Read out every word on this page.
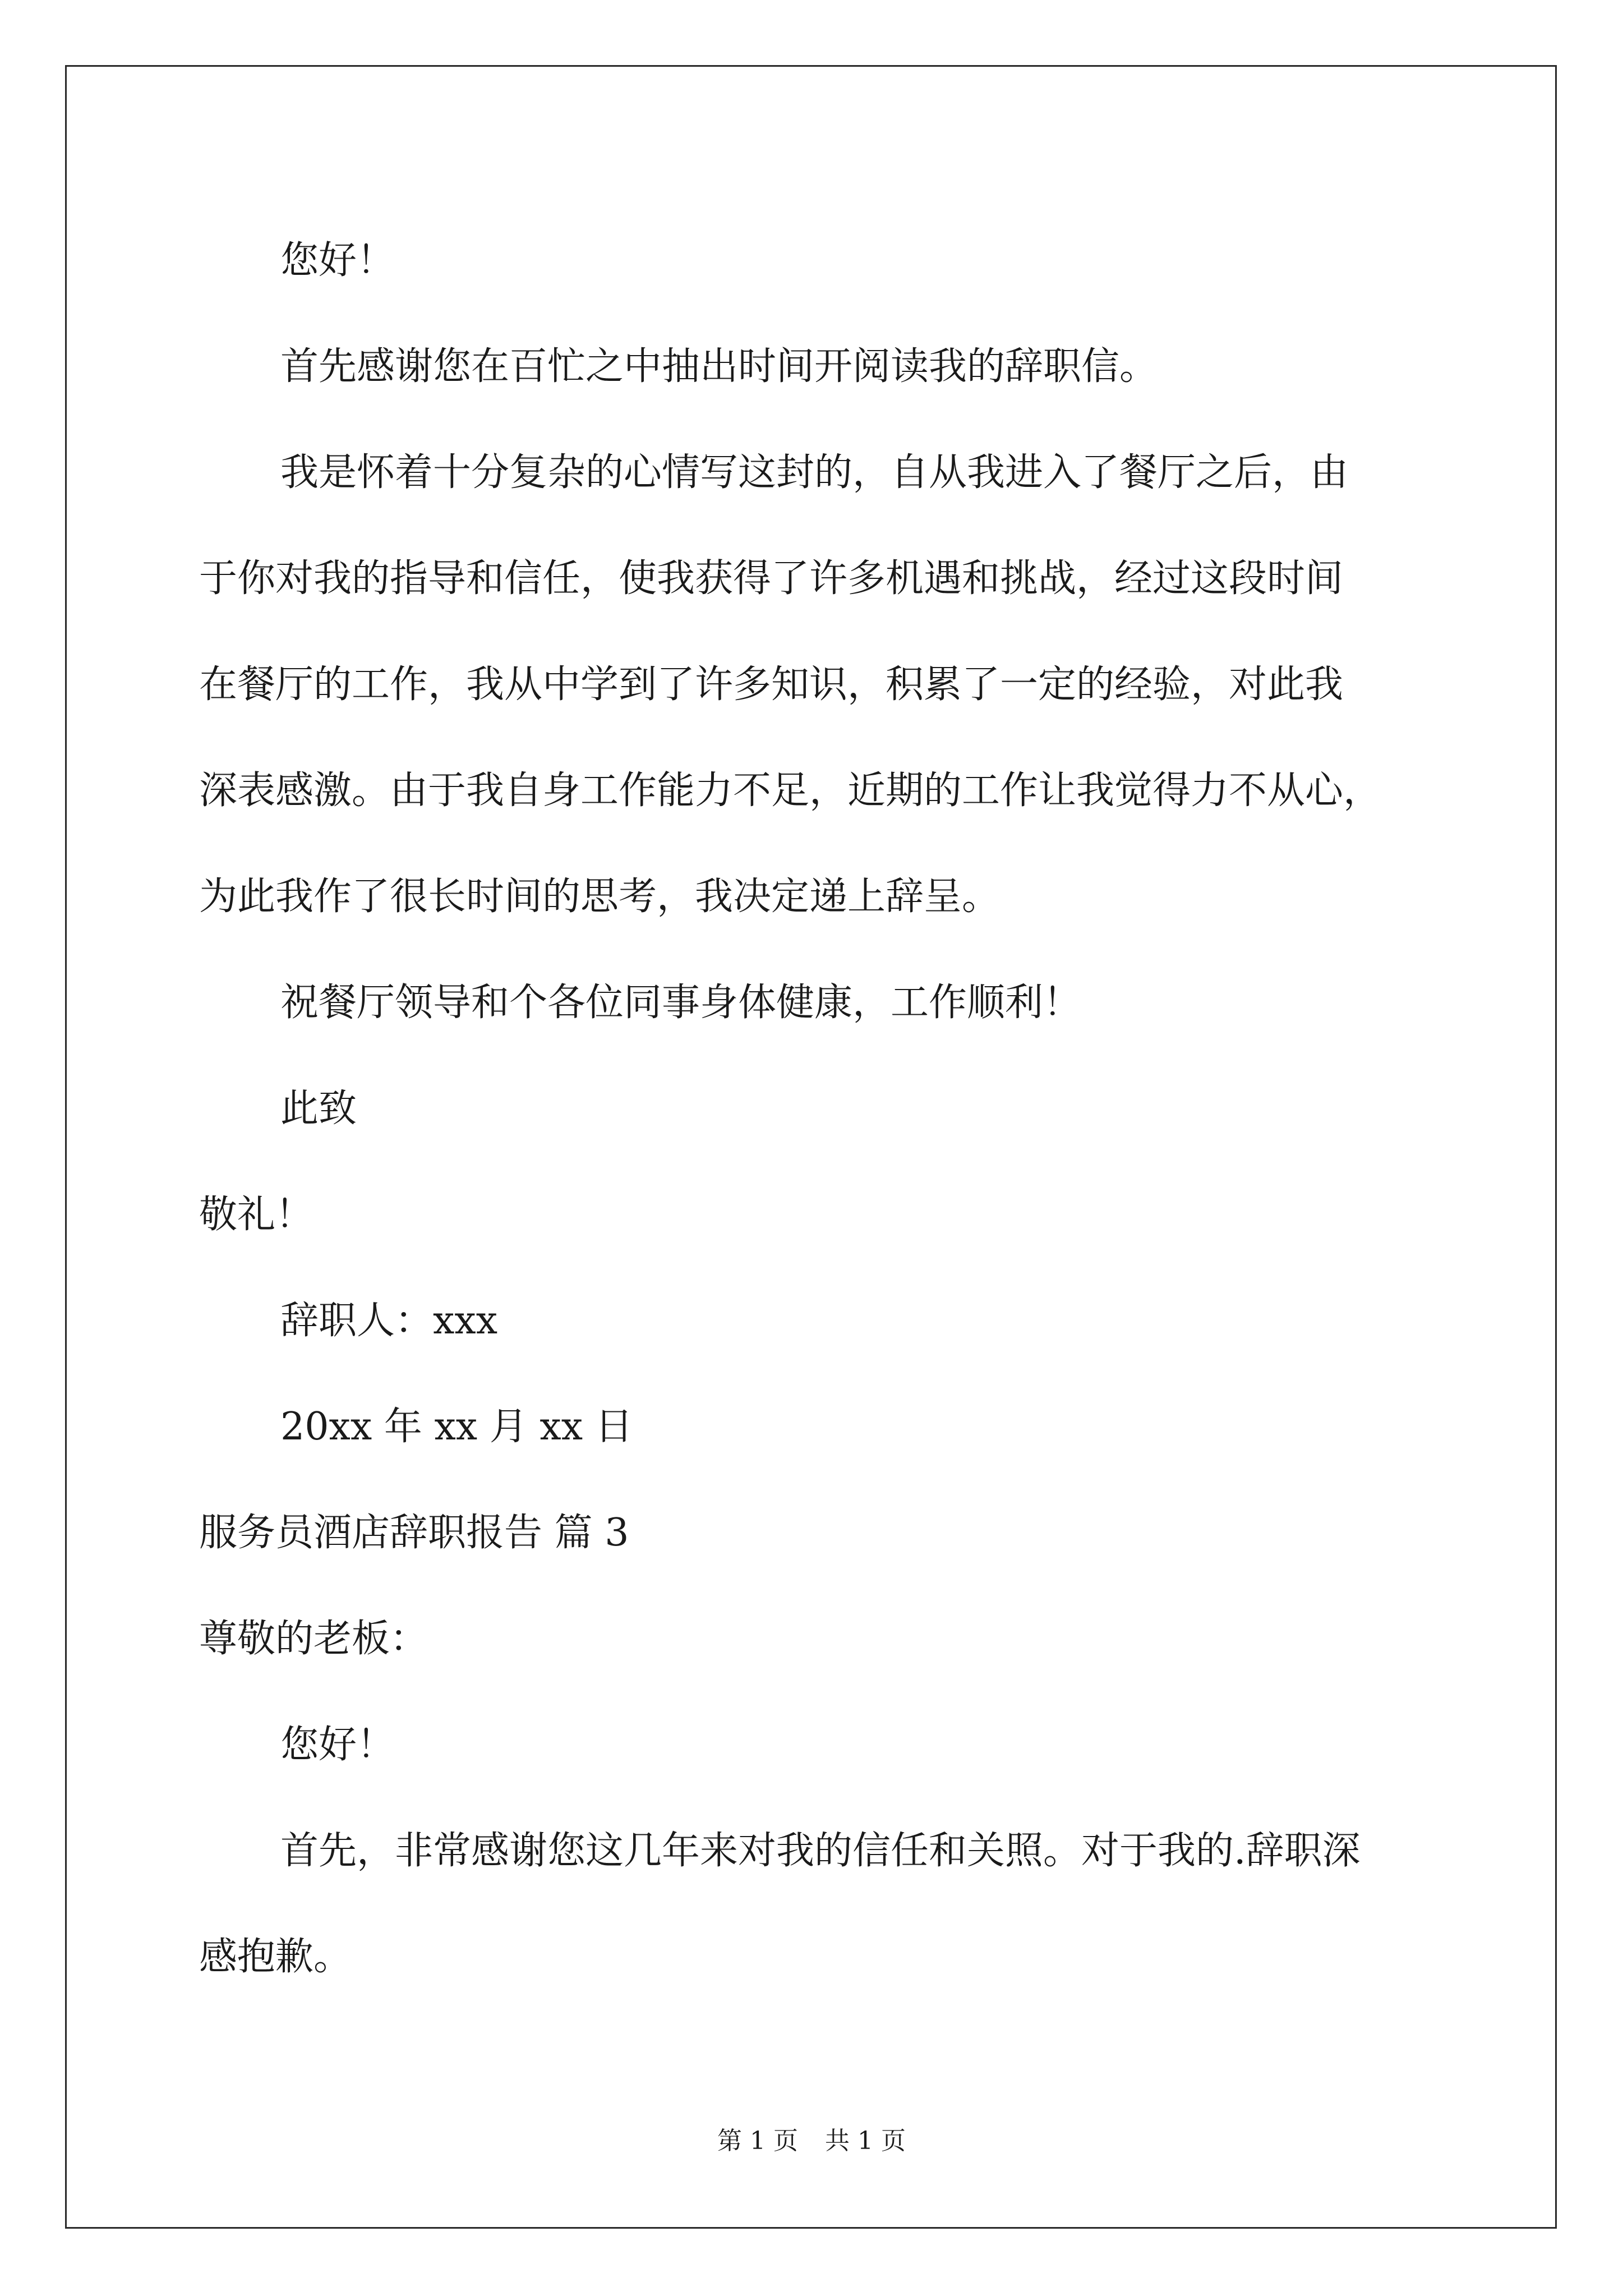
您好！

首先感谢您在百忙之中抽出时间开阅读我的辞职信。

我是怀着十分复杂的心情写这封的，自从我进入了餐厅之后，由

于你对我的指导和信任，使我获得了许多机遇和挑战，经过这段时间

在餐厅的工作，我从中学到了许多知识，积累了一定的经验，对此我

深表感激。由于我自身工作能力不足，近期的工作让我觉得力不从心，

为此我作了很长时间的思考，我决定递上辞呈。

祝餐厅领导和个各位同事身体健康，工作顺利！

此致

敬礼！

辞职人：xxx

20xx 年 xx 月 xx 日

服务员酒店辞职报告 篇 3

尊敬的老板：

您好！

首先，非常感谢您这几年来对我的信任和关照。对于我的.辞职深

感抱歉。

第 1 页 共 1 页
